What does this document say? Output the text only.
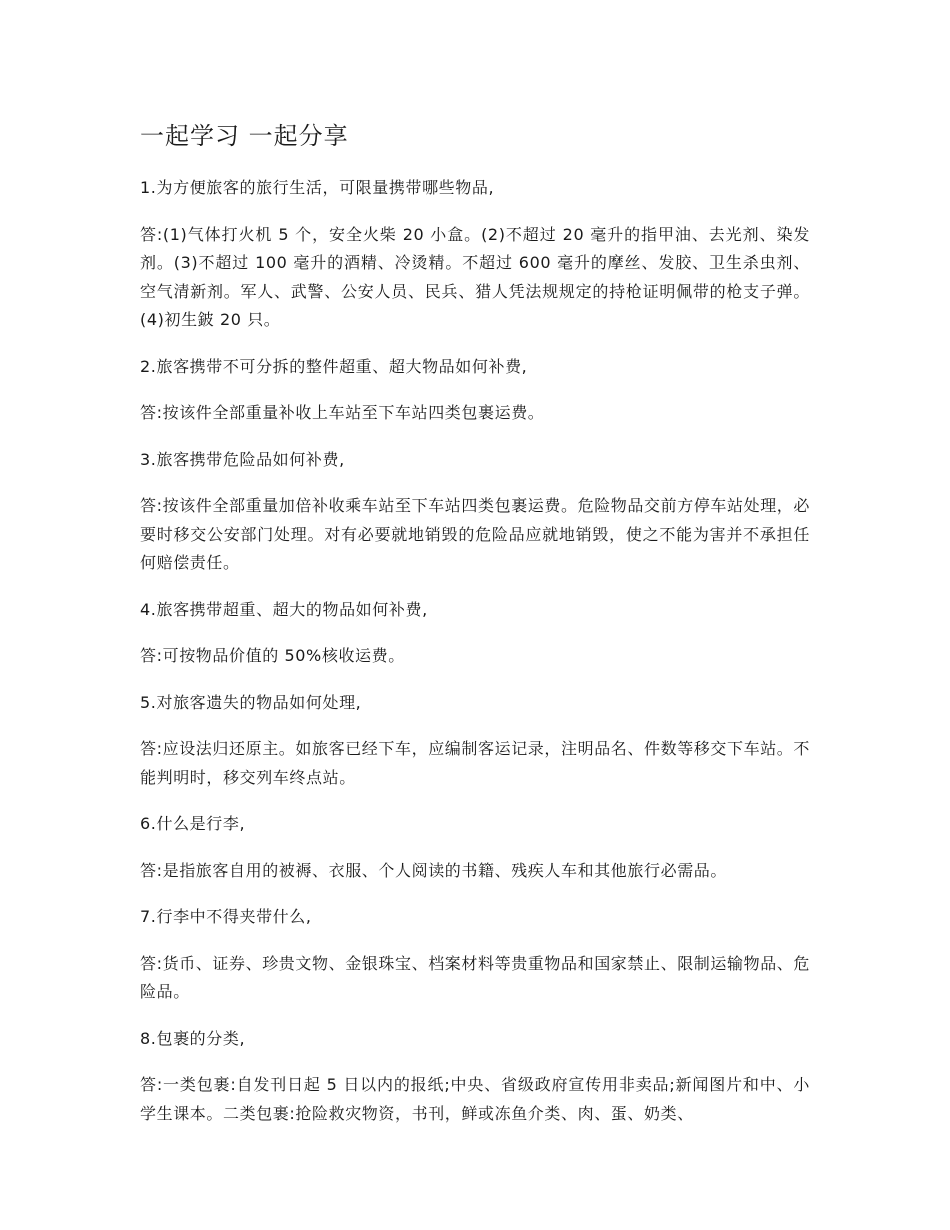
一起学习 一起分享

1.为方便旅客的旅行生活，可限量携带哪些物品,

答:(1)气体打火机 5 个，安全火柴 20 小盒。(2)不超过 20 毫升的指甲油、去光剂、染发剂。(3)不超过 100 毫升的酒精、冷烫精。不超过 600 毫升的摩丝、发胶、卫生杀虫剂、空气清新剂。军人、武警、公安人员、民兵、猎人凭法规规定的持枪证明佩带的枪支子弹。(4)初生鈹 20 只。

2.旅客携带不可分拆的整件超重、超大物品如何补费,

答:按该件全部重量补收上车站至下车站四类包裹运费。

3.旅客携带危险品如何补费,

答:按该件全部重量加倍补收乘车站至下车站四类包裹运费。危险物品交前方停车站处理，必要时移交公安部门处理。对有必要就地销毁的危险品应就地销毁，使之不能为害并不承担任何赔偿责任。

4.旅客携带超重、超大的物品如何补费,

答:可按物品价值的 50%核收运费。

5.对旅客遗失的物品如何处理,

答:应设法归还原主。如旅客已经下车，应编制客运记录，注明品名、件数等移交下车站。不能判明时，移交列车终点站。

6.什么是行李,

答:是指旅客自用的被褥、衣服、个人阅读的书籍、残疾人车和其他旅行必需品。

7.行李中不得夹带什么,

答:货币、证券、珍贵文物、金银珠宝、档案材料等贵重物品和国家禁止、限制运输物品、危险品。

8.包裹的分类,

答:一类包裹:自发刊日起 5 日以内的报纸;中央、省级政府宣传用非卖品;新闻图片和中、小学生课本。二类包裹:抢险救灾物资，书刊，鲜或冻鱼介类、肉、蛋、奶类、
